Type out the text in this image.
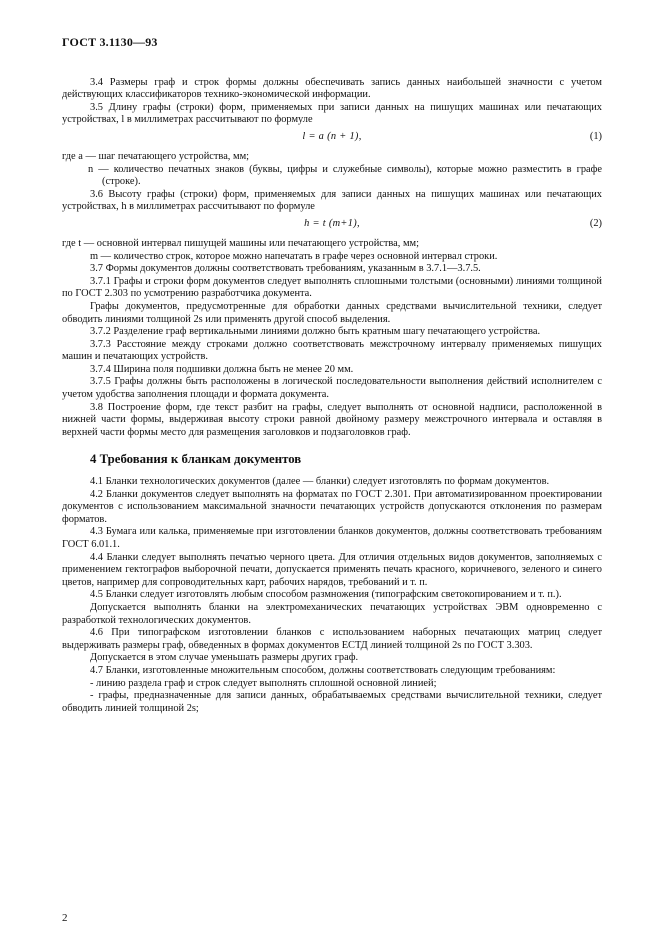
ГОСТ 3.1130—93

3.4 Размеры граф и строк формы должны обеспечивать запись данных наибольшей значности с учетом действующих классификаторов технико-экономической информации.

3.5 Длину графы (строки) форм, применяемых при записи данных на пишущих машинах или печатающих устройствах, l в миллиметрах рассчитывают по формуле

l = a (n + 1),	(1)

где a — шаг печатающего устройства, мм;

n — количество печатных знаков (буквы, цифры и служебные символы), которые можно разместить в графе (строке).

3.6 Высоту графы (строки) форм, применяемых для записи данных на пишущих машинах или печатающих устройствах, h в миллиметрах рассчитывают по формуле

h = t (m+1),	(2)

где t — основной интервал пишущей машины или печатающего устройства, мм;

m — количество строк, которое можно напечатать в графе через основной интервал строки.

3.7 Формы документов должны соответствовать требованиям, указанным в 3.7.1—3.7.5.

3.7.1 Графы и строки форм документов следует выполнять сплошными толстыми (основными) линиями толщиной по ГОСТ 2.303 по усмотрению разработчика документа.

Графы документов, предусмотренные для обработки данных средствами вычислительной техники, следует обводить линиями толщиной 2s или применять другой способ выделения.

3.7.2 Разделение граф вертикальными линиями должно быть кратным шагу печатающего устройства.

3.7.3 Расстояние между строками должно соответствовать межстрочному интервалу применяемых пишущих машин и печатающих устройств.

3.7.4 Ширина поля подшивки должна быть не менее 20 мм.

3.7.5 Графы должны быть расположены в логической последовательности выполнения действий исполнителем с учетом удобства заполнения площади и формата документа.

3.8 Построение форм, где текст разбит на графы, следует выполнять от основной надписи, расположенной в нижней части формы, выдерживая высоту строки равной двойному размеру межстрочного интервала и оставляя в верхней части формы место для размещения заголовков и подзаголовков граф.

4 Требования к бланкам документов

4.1 Бланки технологических документов (далее — бланки) следует изготовлять по формам документов.

4.2 Бланки документов следует выполнять на форматах по ГОСТ 2.301. При автоматизированном проектировании документов с использованием максимальной значности печатающих устройств допускаются отклонения по размерам форматов.

4.3 Бумага или калька, применяемые при изготовлении бланков документов, должны соответствовать требованиям ГОСТ 6.01.1.

4.4 Бланки следует выполнять печатью черного цвета. Для отличия отдельных видов документов, заполняемых с применением гектографов выборочной печати, допускается применять печать красного, коричневого, зеленого и синего цветов, например для сопроводительных карт, рабочих нарядов, требований и т. п.

4.5 Бланки следует изготовлять любым способом размножения (типографским светокопированием и т. п.).

Допускается выполнять бланки на электромеханических печатающих устройствах ЭВМ одновременно с разработкой технологических документов.

4.6 При типографском изготовлении бланков с использованием наборных печатающих матриц следует выдерживать размеры граф, обведенных в формах документов ЕСТД линией толщиной 2s по ГОСТ 3.303.

Допускается в этом случае уменьшать размеры других граф.

4.7 Бланки, изготовленные множительным способом, должны соответствовать следующим требованиям:

- линию раздела граф и строк следует выполнять сплошной основной линией;

- графы, предназначенные для записи данных, обрабатываемых средствами вычислительной техники, следует обводить линией толщиной 2s;

2
